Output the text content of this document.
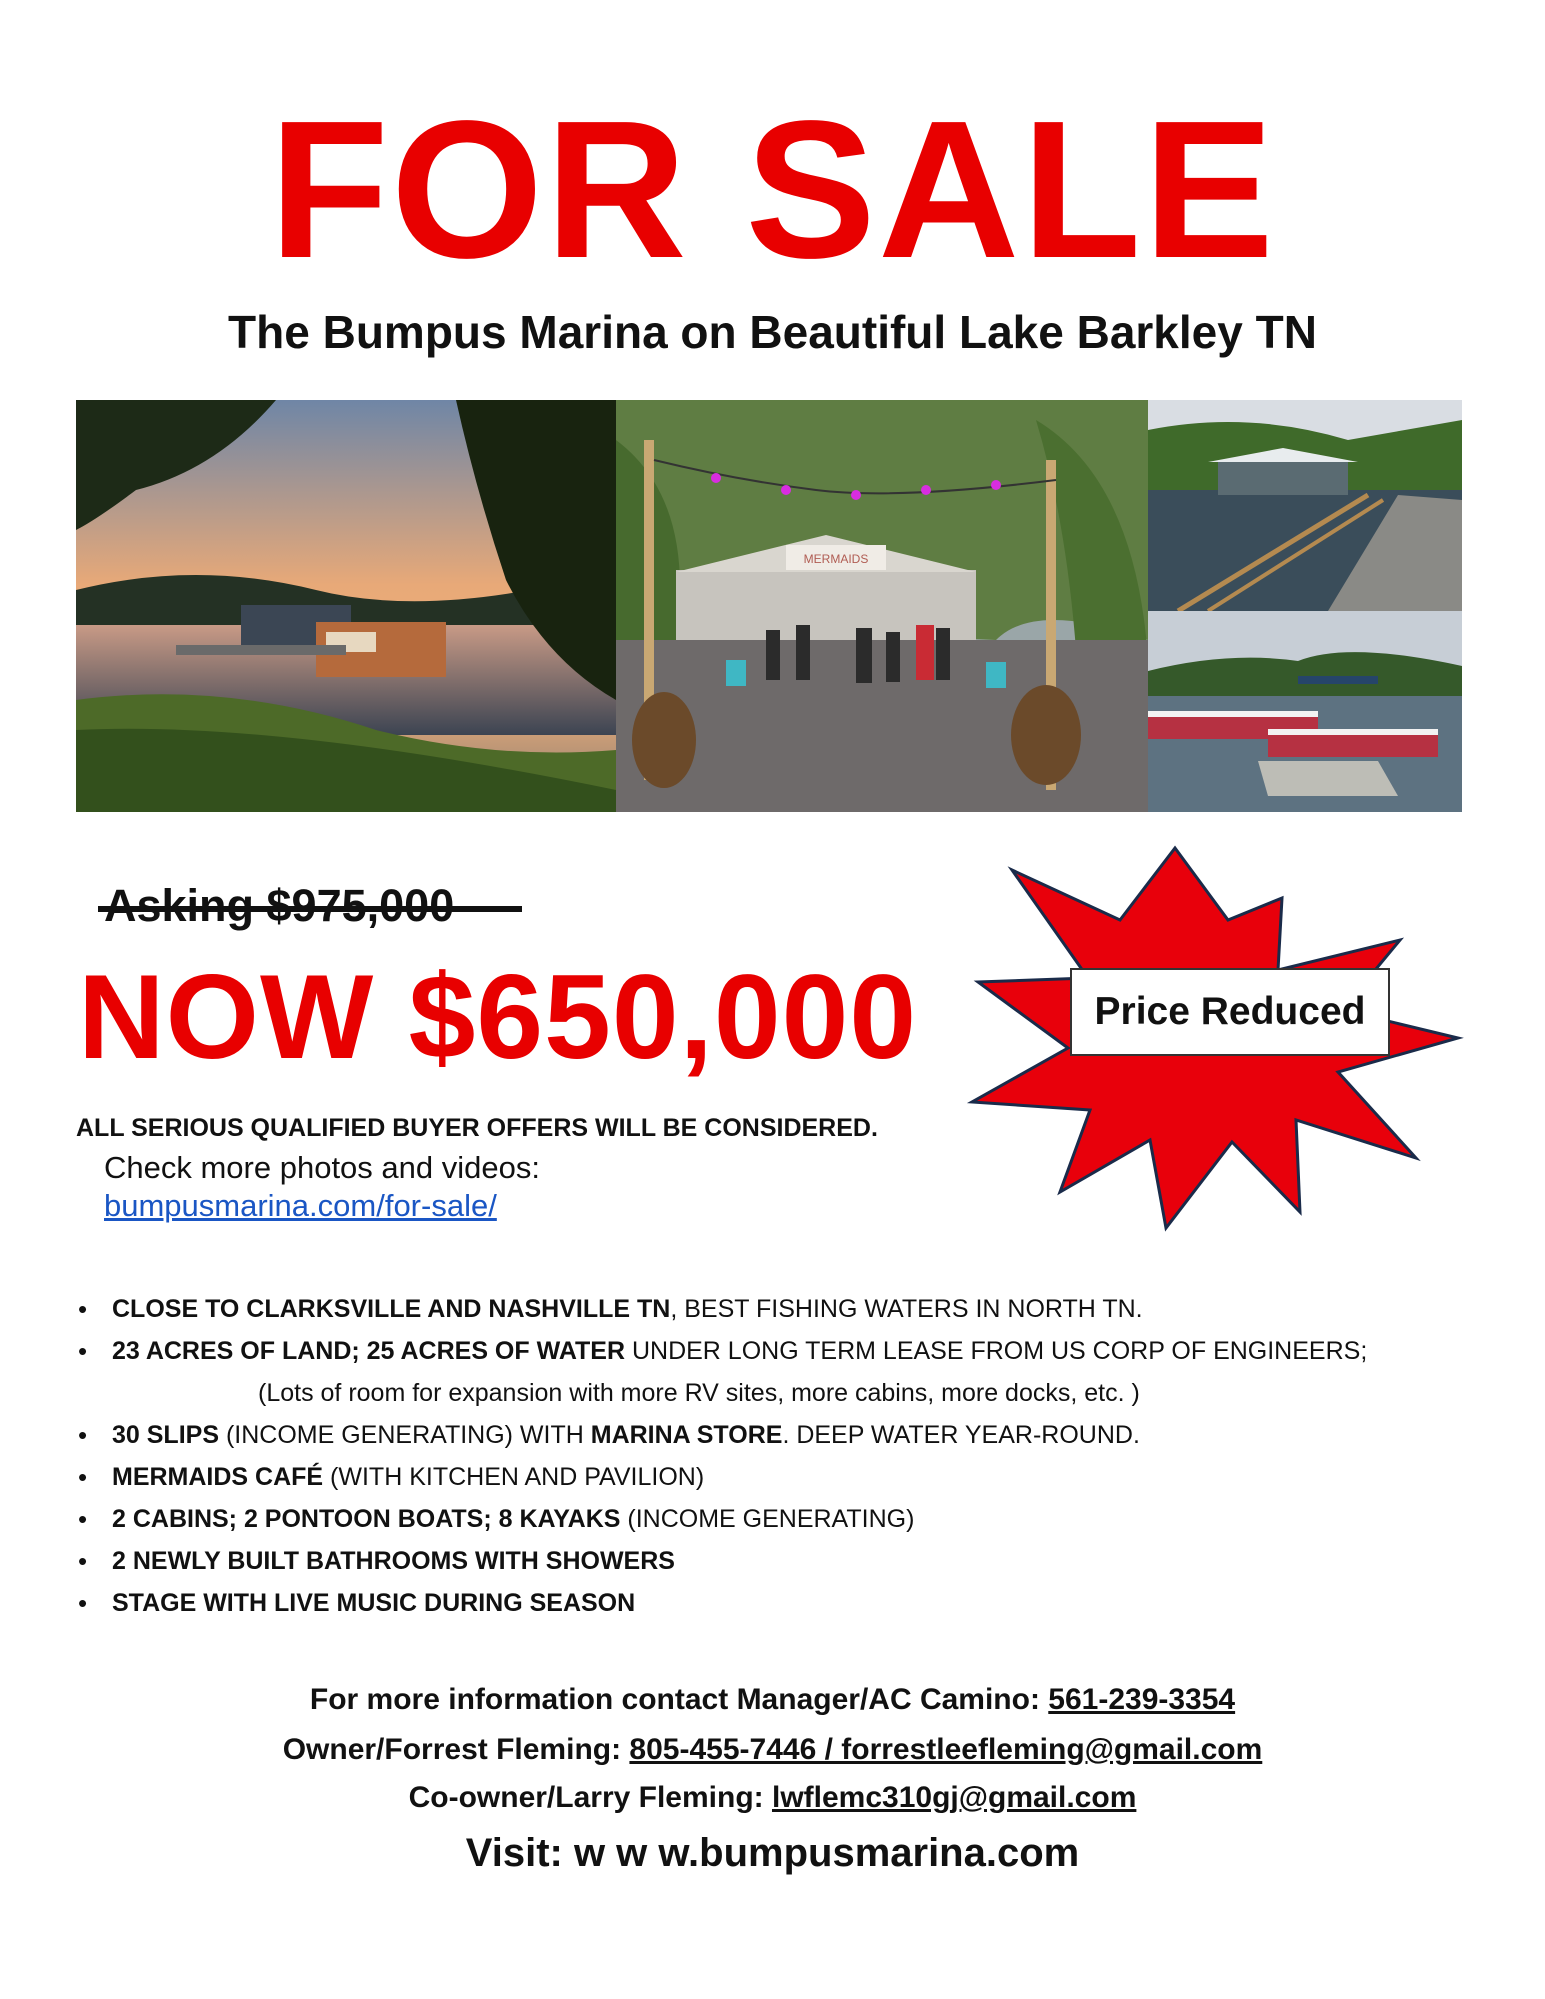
FOR SALE
The Bumpus Marina on Beautiful Lake Barkley TN
MERMAIDS
NOW $650,000	Price Reduced
ALL SERIOUS QUALIFIED BUYER OFFERS WILL BE CONSIDERED.
Check more photos and videos:
bumpusmarina.com/for-sale/
• CLOSE TO CLARKSVILLE AND NASHVILLE TN, BEST FISHING WATERS IN NORTH TN.
• 23 ACRES OF LAND; 25 ACRES OF WATER UNDER LONG TERM LEASE FROM US CORP OF ENGINEERS;
(Lots of room for expansion with more RV sites, more cabins, more docks, etc. )
• 30 SLIPS (INCOME GENERATING) WITH MARINA STORE. DEEP WATER YEAR-ROUND.
• MERMAIDS CAFÉ (WITH KITCHEN AND PAVILION)
• 2 CABINS; 2 PONTOON BOATS; 8 KAYAKS (INCOME GENERATING)
• 2 NEWLY BUILT BATHROOMS WITH SHOWERS
• STAGE WITH LIVE MUSIC DURING SEASON
For more information contact Manager/AC Camino: 561-239-3354
Owner/Forrest Fleming: 805-455-7446 / forrestleefleming@gmail.com
Co-owner/Larry Fleming: lwflemc310gj@gmail.com
Visit: w w w.bumpusmarina.com
